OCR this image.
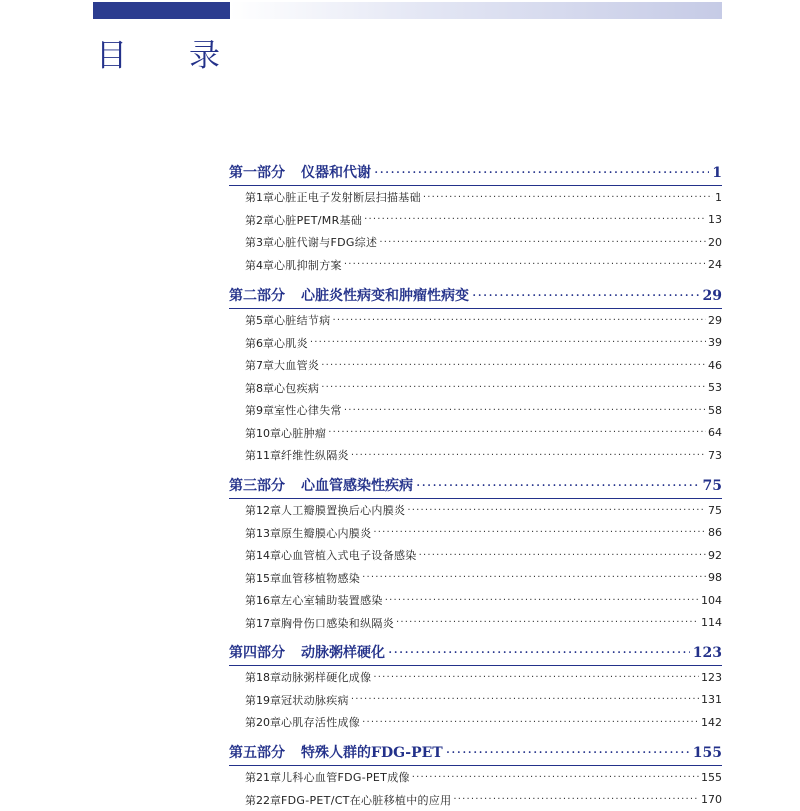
目录
第一部分 仪器和代谢 ·····	1
第1章 心脏正电子发射断层扫描基础 ·····	1
第2章 心脏PET/MR基础 ·····	13
第3章 心脏代谢与FDG综述 ·····	20
第4章 心肌抑制方案 ·····	24
第二部分 心脏炎性病变和肿瘤性病变 ·····	29
第5章 心脏结节病 ·····	29
第6章 心肌炎 ·····	39
第7章 大血管炎 ·····	46
第8章 心包疾病 ·····	53
第9章 室性心律失常 ·····	58
第10章 心脏肿瘤 ·····	64
第11章 纤维性纵隔炎 ·····	73
第三部分 心血管感染性疾病 ·····	75
第12章 人工瓣膜置换后心内膜炎 ·····	75
第13章 原生瓣膜心内膜炎 ·····	86
第14章 心血管植入式电子设备感染 ·····	92
第15章 血管移植物感染 ·····	98
第16章 左心室辅助装置感染 ·····	104
第17章 胸骨伤口感染和纵隔炎 ·····	114
第四部分 动脉粥样硬化 ·····	123
第18章 动脉粥样硬化成像 ·····	123
第19章 冠状动脉疾病 ·····	131
第20章 心肌存活性成像 ·····	142
第五部分 特殊人群的FDG-PET ·····	155
第21章 儿科心血管FDG-PET成像 ·····	155
第22章 FDG-PET/CT在心脏移植中的应用 ·····	170
